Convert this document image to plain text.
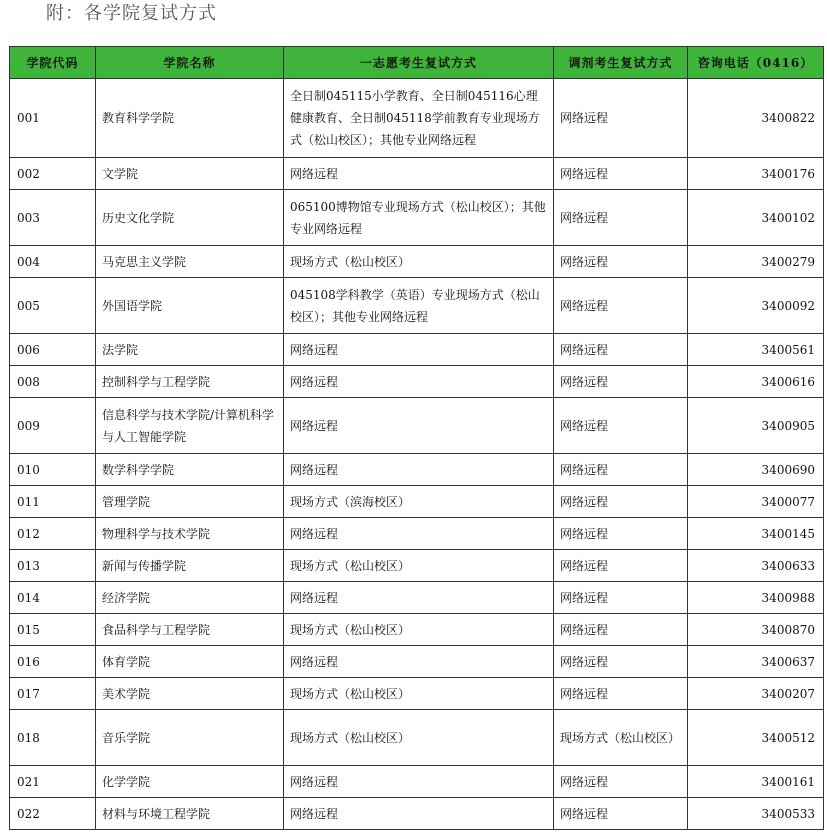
附：各学院复试方式
学院代码	学院名称	一志愿考生复试方式	调剂考生复试方式	咨询电话（0416）
001	教育科学学院	全日制045115小学教育、全日制045116心理健康教育、全日制045118学前教育专业现场方式（松山校区）；其他专业网络远程	网络远程	3400822
002	文学院	网络远程	网络远程	3400176
003	历史文化学院	065100博物馆专业现场方式（松山校区）；其他专业网络远程	网络远程	3400102
004	马克思主义学院	现场方式（松山校区）	网络远程	3400279
005	外国语学院	045108学科教学（英语）专业现场方式（松山校区）；其他专业网络远程	网络远程	3400092
006	法学院	网络远程	网络远程	3400561
008	控制科学与工程学院	网络远程	网络远程	3400616
009	信息科学与技术学院/计算机科学与人工智能学院	网络远程	网络远程	3400905
010	数学科学学院	网络远程	网络远程	3400690
011	管理学院	现场方式（滨海校区）	网络远程	3400077
012	物理科学与技术学院	网络远程	网络远程	3400145
013	新闻与传播学院	现场方式（松山校区）	网络远程	3400633
014	经济学院	网络远程	网络远程	3400988
015	食品科学与工程学院	现场方式（松山校区）	网络远程	3400870
016	体育学院	网络远程	网络远程	3400637
017	美术学院	现场方式（松山校区）	网络远程	3400207
018	音乐学院	现场方式（松山校区）	现场方式（松山校区）	3400512
021	化学学院	网络远程	网络远程	3400161
022	材料与环境工程学院	网络远程	网络远程	3400533
